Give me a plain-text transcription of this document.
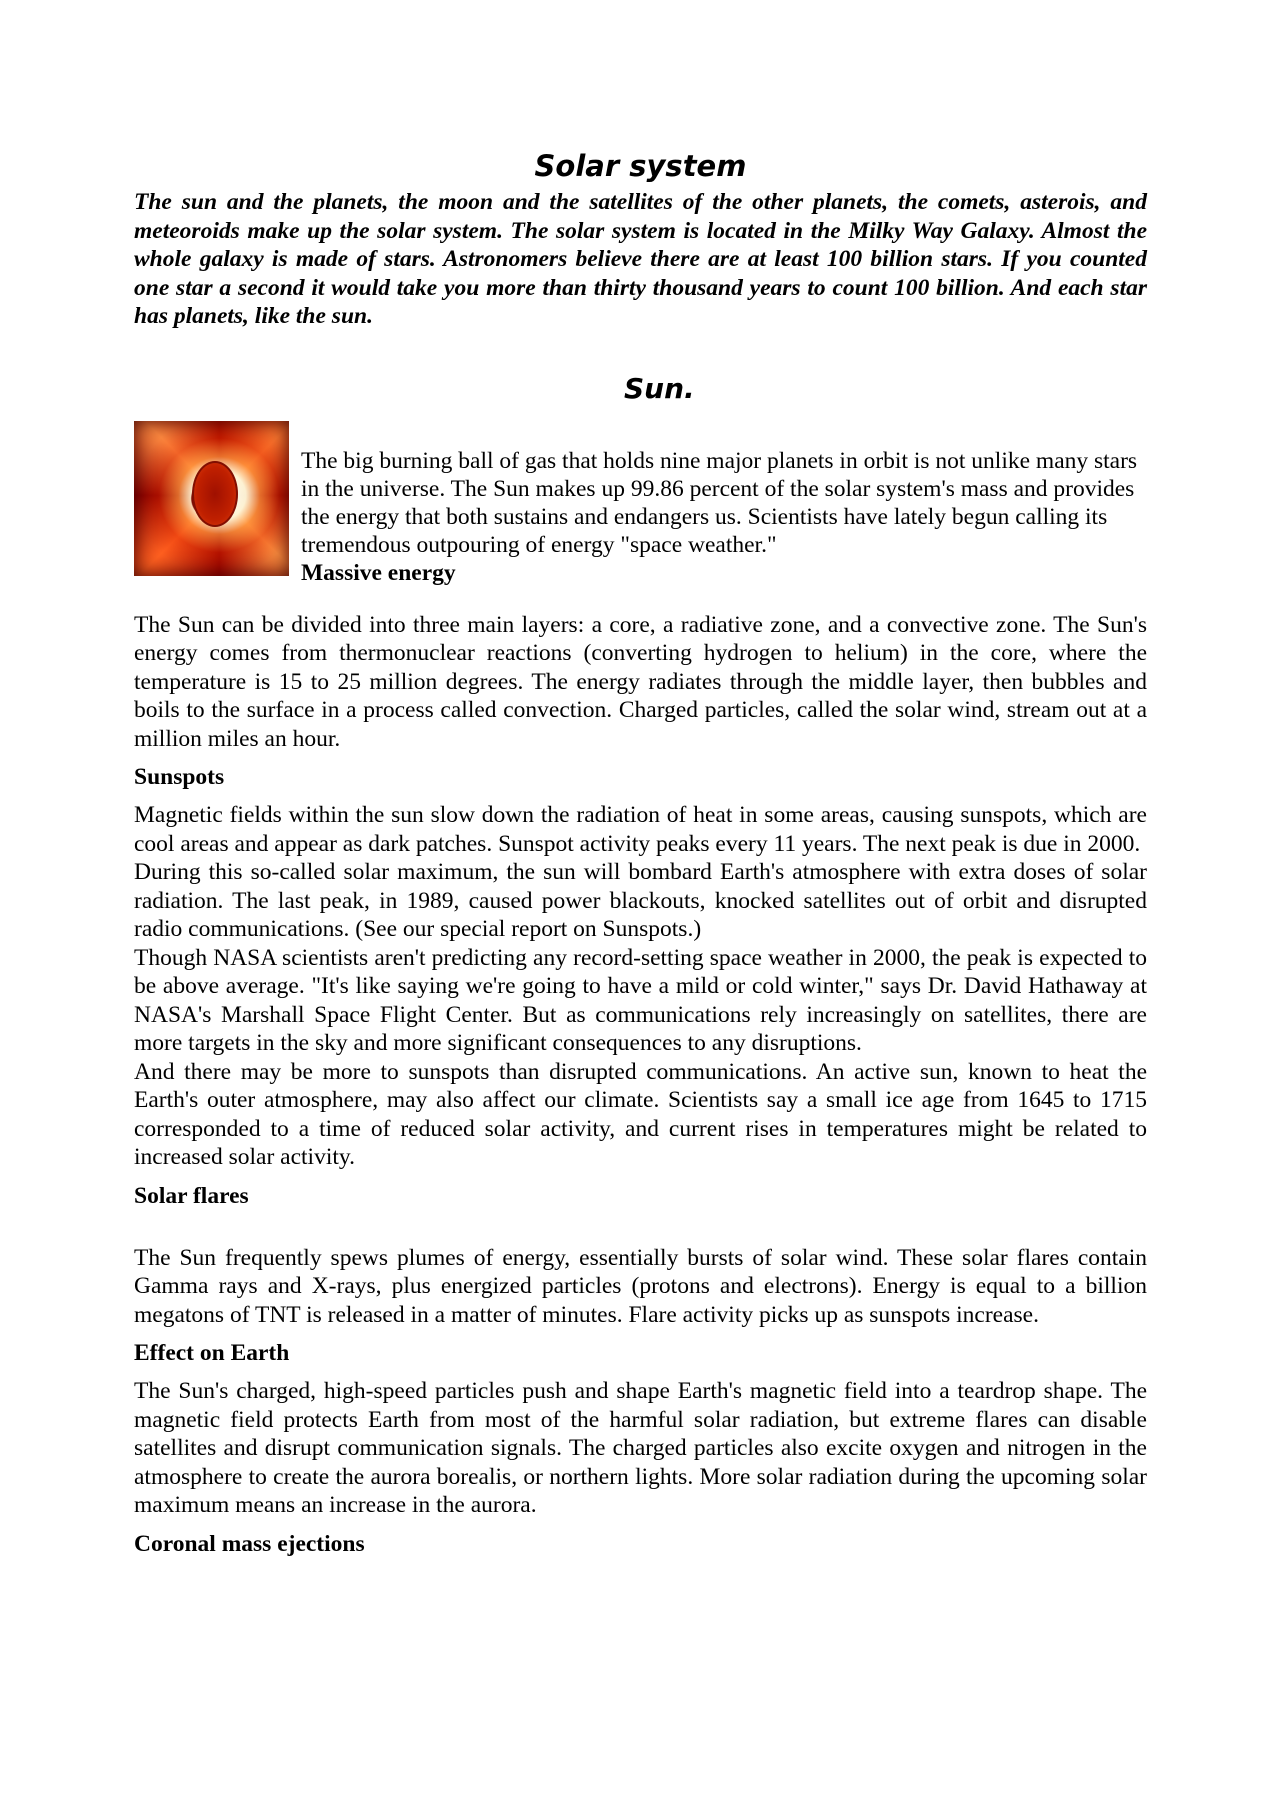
Solar system

The sun and the planets, the moon and the satellites of the other planets, the comets, asterois, and meteoroids make up the solar system. The solar system is located in the Milky Way Galaxy. Almost the whole galaxy is made of stars. Astronomers believe there are at least 100 billion stars. If you counted one star a second it would take you more than thirty thousand years to count 100 billion. And each star has planets, like the sun.

Sun.

The big burning ball of gas that holds nine major planets in orbit is not unlike many stars in the universe. The Sun makes up 99.86 percent of the solar system's mass and provides the energy that both sustains and endangers us. Scientists have lately begun calling its tremendous outpouring of energy "space weather."

Massive energy

The Sun can be divided into three main layers: a core, a radiative zone, and a convective zone. The Sun's energy comes from thermonuclear reactions (converting hydrogen to helium) in the core, where the temperature is 15 to 25 million degrees. The energy radiates through the middle layer, then bubbles and boils to the surface in a process called convection. Charged particles, called the solar wind, stream out at a million miles an hour.

Sunspots

Magnetic fields within the sun slow down the radiation of heat in some areas, causing sunspots, which are cool areas and appear as dark patches. Sunspot activity peaks every 11 years. The next peak is due in 2000.

During this so-called solar maximum, the sun will bombard Earth's atmosphere with extra doses of solar radiation. The last peak, in 1989, caused power blackouts, knocked satellites out of orbit and disrupted radio communications. (See our special report on Sunspots.)

Though NASA scientists aren't predicting any record-setting space weather in 2000, the peak is expected to be above average. "It's like saying we're going to have a mild or cold winter," says Dr. David Hathaway at NASA's Marshall Space Flight Center. But as communications rely increasingly on satellites, there are more targets in the sky and more significant consequences to any disruptions.

And there may be more to sunspots than disrupted communications. An active sun, known to heat the Earth's outer atmosphere, may also affect our climate. Scientists say a small ice age from 1645 to 1715 corresponded to a time of reduced solar activity, and current rises in temperatures might be related to increased solar activity.

Solar flares

The Sun frequently spews plumes of energy, essentially bursts of solar wind. These solar flares contain Gamma rays and X-rays, plus energized particles (protons and electrons). Energy is equal to a billion megatons of TNT is released in a matter of minutes. Flare activity picks up as sunspots increase.

Effect on Earth

The Sun's charged, high-speed particles push and shape Earth's magnetic field into a teardrop shape. The magnetic field protects Earth from most of the harmful solar radiation, but extreme flares can disable satellites and disrupt communication signals. The charged particles also excite oxygen and nitrogen in the atmosphere to create the aurora borealis, or northern lights. More solar radiation during the upcoming solar maximum means an increase in the aurora.

Coronal mass ejections
